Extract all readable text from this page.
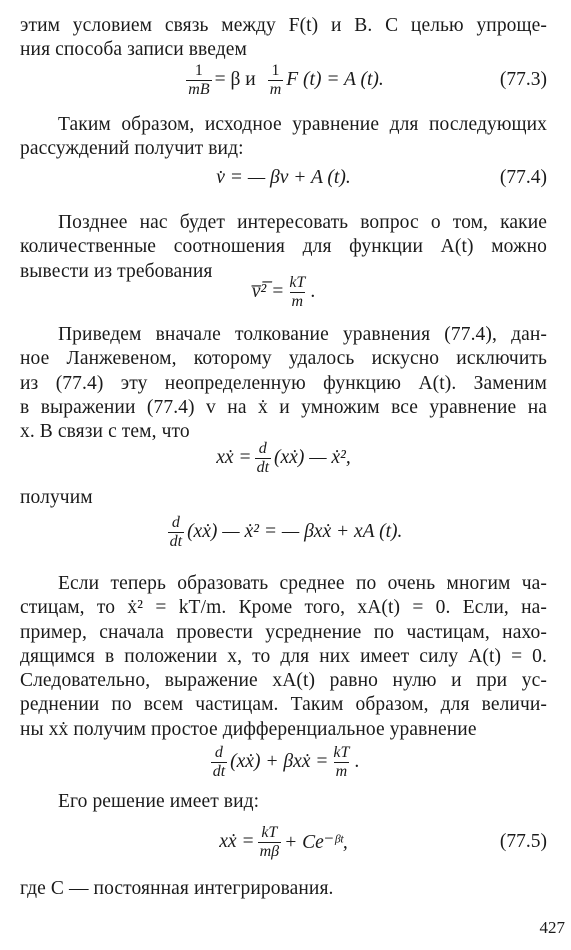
этим условием связь между F(t) и B. С целью упроще-
ния способа записи введем
$\frac{1}{mB} = \beta$ и $\frac{1}{m}$ F (t) = A (t).	(77.3)
Таким образом, исходное уравнение для последующих
рассуждений получит вид:
v̇ = — βv + A (t).	(77.4)
Позднее нас будет интересовать вопрос о том, какие
количественные соотношения для функции A(t) можно
вывести из требования
v̅²̅ = $\frac{kT}{m}$ .
Приведем вначале толкование уравнения (77.4), дан-
ное Ланжевеном, которому удалось искусно исключить
из (77.4) эту неопределенную функцию A(t). Заменим
в выражении (77.4) v на ẋ и умножим все уравнение на
x. В связи с тем, что
xẋ = $\frac{d}{dt}$ (xẋ) — ẋ²,
получим
$\frac{d}{dt}$ (xẋ) — ẋ² = — βxẋ + xA (t).
Если теперь образовать среднее по очень многим ча-
стицам, то ẋ² = kT/m. Кроме того, xA(t) = 0. Если, на-
пример, сначала провести усреднение по частицам, нахо-
дящимся в положении x, то для них имеет силу A(t) = 0.
Следовательно, выражение xA(t) равно нулю и при ус-
реднении по всем частицам. Таким образом, для величи-
ны xẋ получим простое дифференциальное уравнение
$\frac{d}{dt}$ (xẋ) + βxẋ = $\frac{kT}{m}$ .
Его решение имеет вид:
xẋ = $\frac{kT}{m\beta}$ + Ce⁻ᵝᵗ,	(77.5)
где C — постоянная интегрирования.
427
